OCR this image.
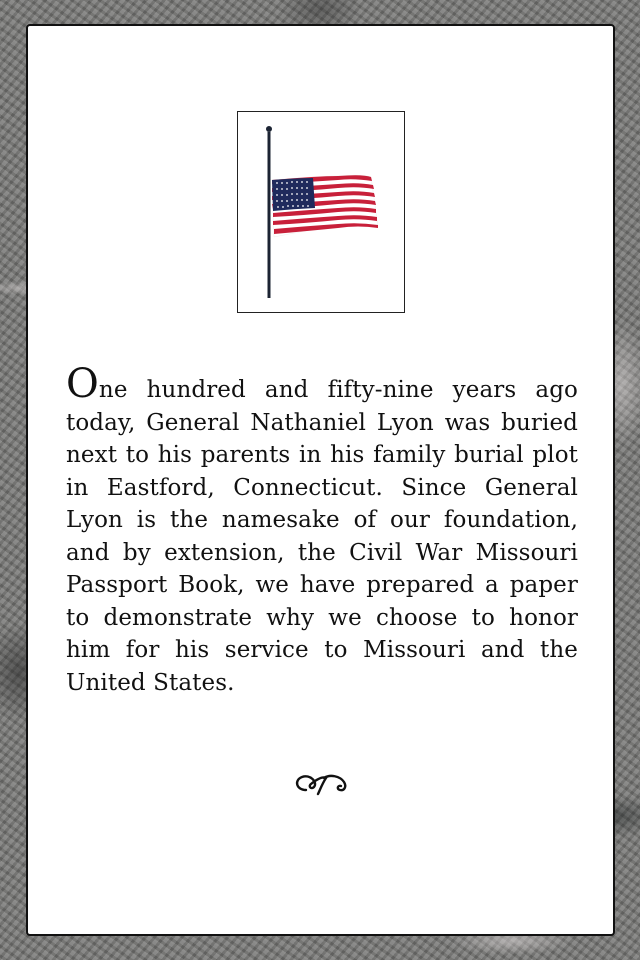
One hundred and fifty-nine years ago today, General Nathaniel Lyon was buried next to his parents in his family burial plot in Eastford, Connecticut. Since General Lyon is the namesake of our foundation, and by extension, the Civil War Missouri Passport Book, we have prepared a paper to demonstrate why we choose to honor him for his service to Missouri and the United States.
